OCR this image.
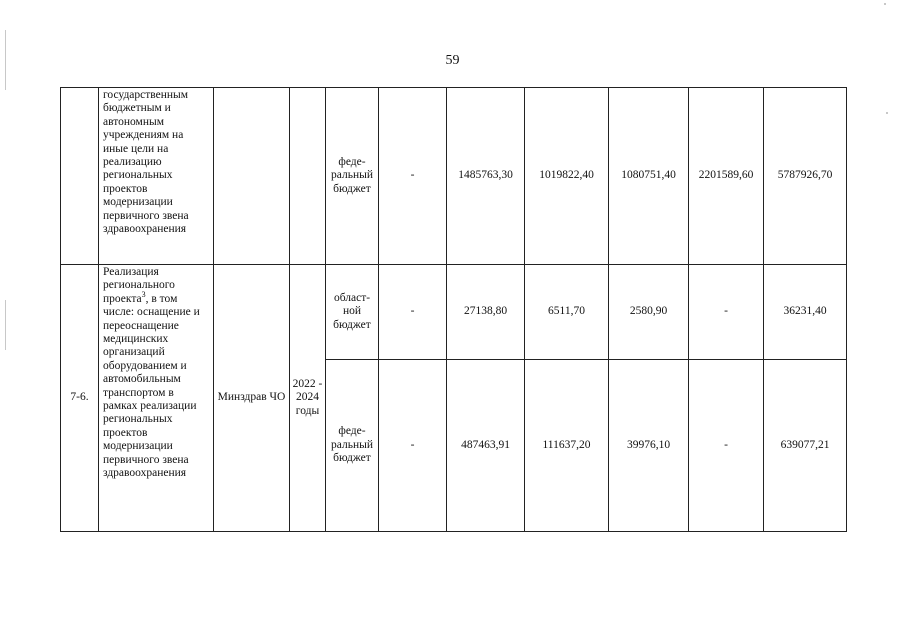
59
	государственным бюджетным и автономным учреждениям на иные цели на реализацию региональных проектов модернизации первичного звена здравоохранения			феде-ральный бюджет	-	1485763,30	1019822,40	1080751,40	2201589,60	5787926,70
7-6.	Реализация регионального проекта$^3$, в том числе: оснащение и переоснащение медицинских организаций оборудованием и автомобильным транспортом в рамках реализации региональных проектов модернизации первичного звена здравоохранения	Минздрав ЧО	2022 - 2024 годы	област-ной бюджет	-	27138,80	6511,70	2580,90	-	36231,40
				феде-ральный бюджет	-	487463,91	111637,20	39976,10	-	639077,21
